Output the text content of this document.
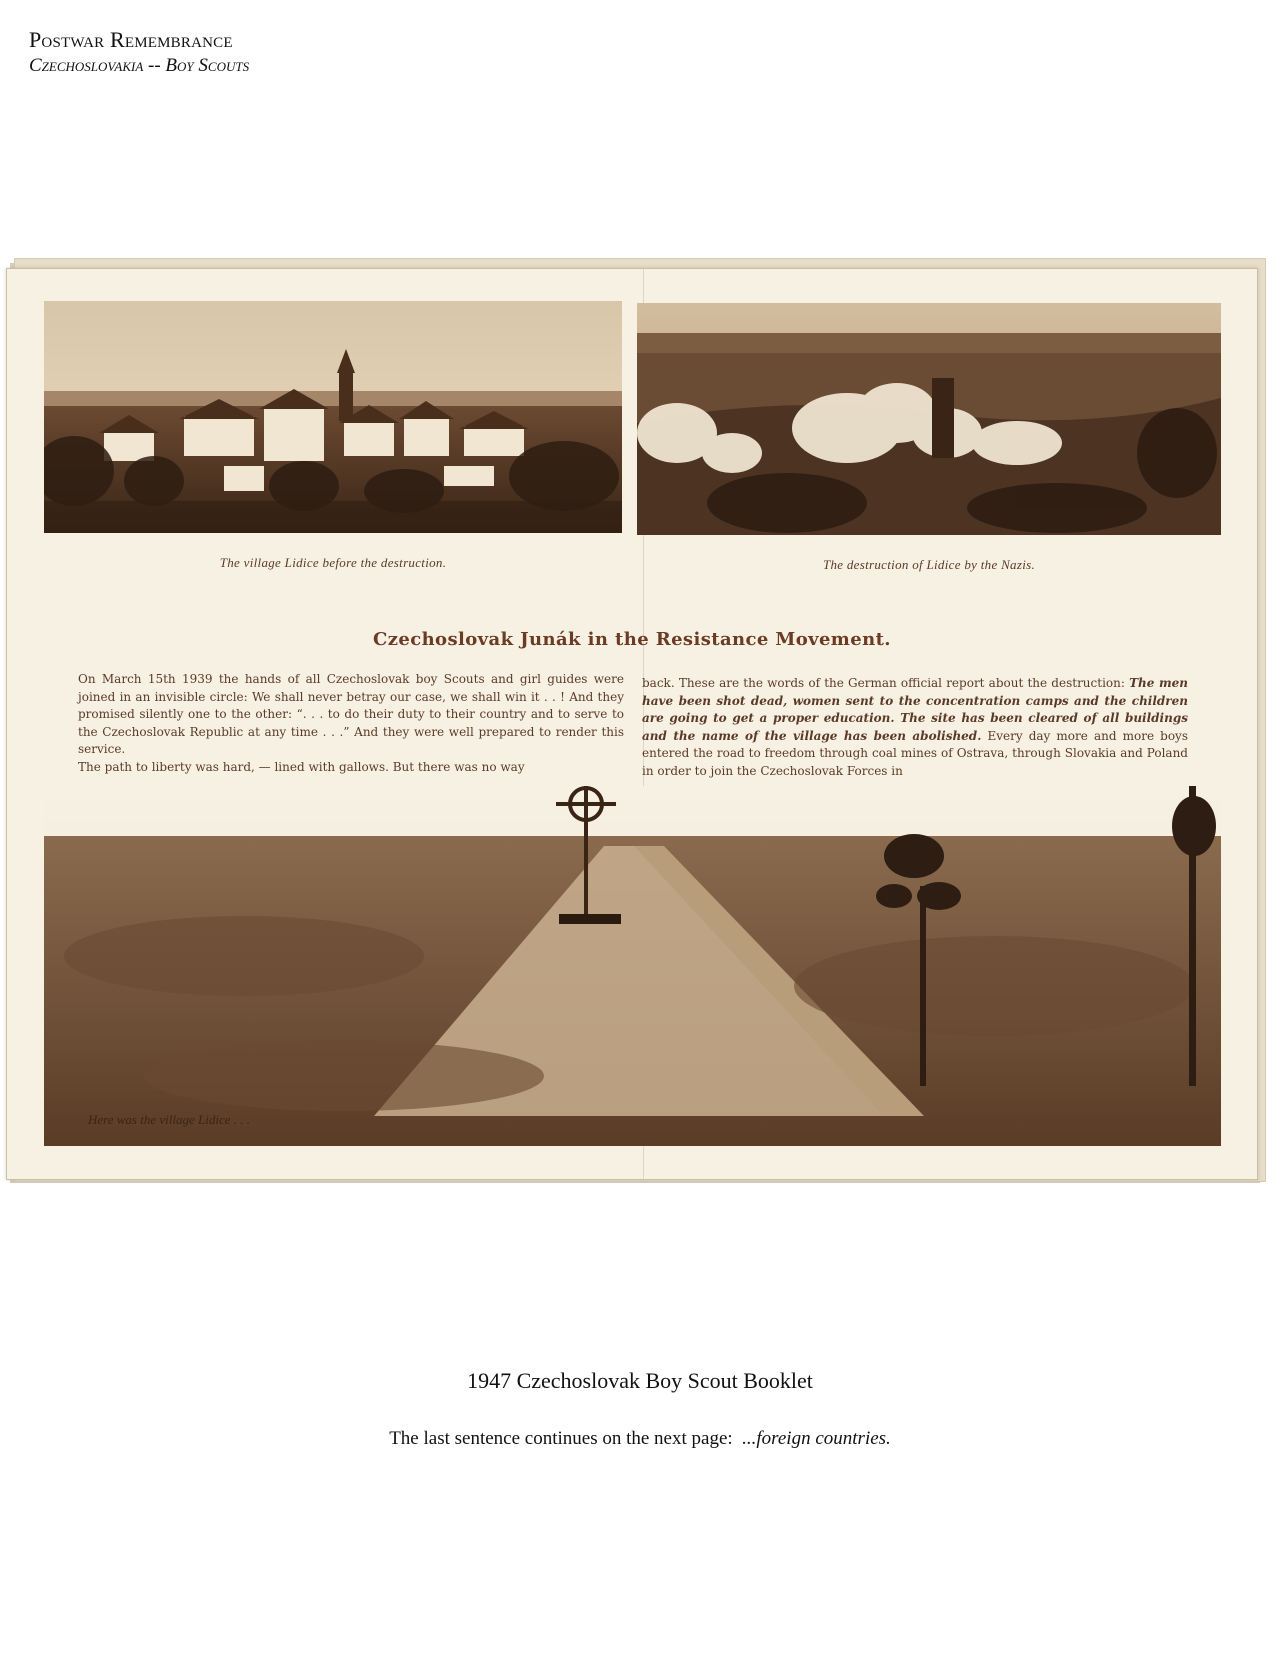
Postwar Remembrance
Czechoslovakia -- Boy Scouts
The village Lidice before the destruction.	The destruction of Lidice by the Nazis.
Czechoslovak Junák in the Resistance Movement.

On March 15th 1939 the hands of all Czechoslovak boy Scouts and girl guides were joined in an invisible circle: We shall never betray our case, we shall win it . . ! And they promised silently one to the other: “. . . to do their duty to their country and to serve to the Czechoslovak Republic at any time . . .” And they were well prepared to render this service.

The path to liberty was hard, — lined with gallows. But there was no way

back. These are the words of the German official report about the destruction: The men have been shot dead, women sent to the concentration camps and the children are going to get a proper education. The site has been cleared of all buildings and the name of the village has been abolished. Every day more and more boys entered the road to freedom through coal mines of Ostrava, through Slovakia and Poland in order to join the Czechoslovak Forces in

Here was the village Lidice . . .
1947 Czechoslovak Boy Scout Booklet
The last sentence continues on the next page: ...foreign countries.
